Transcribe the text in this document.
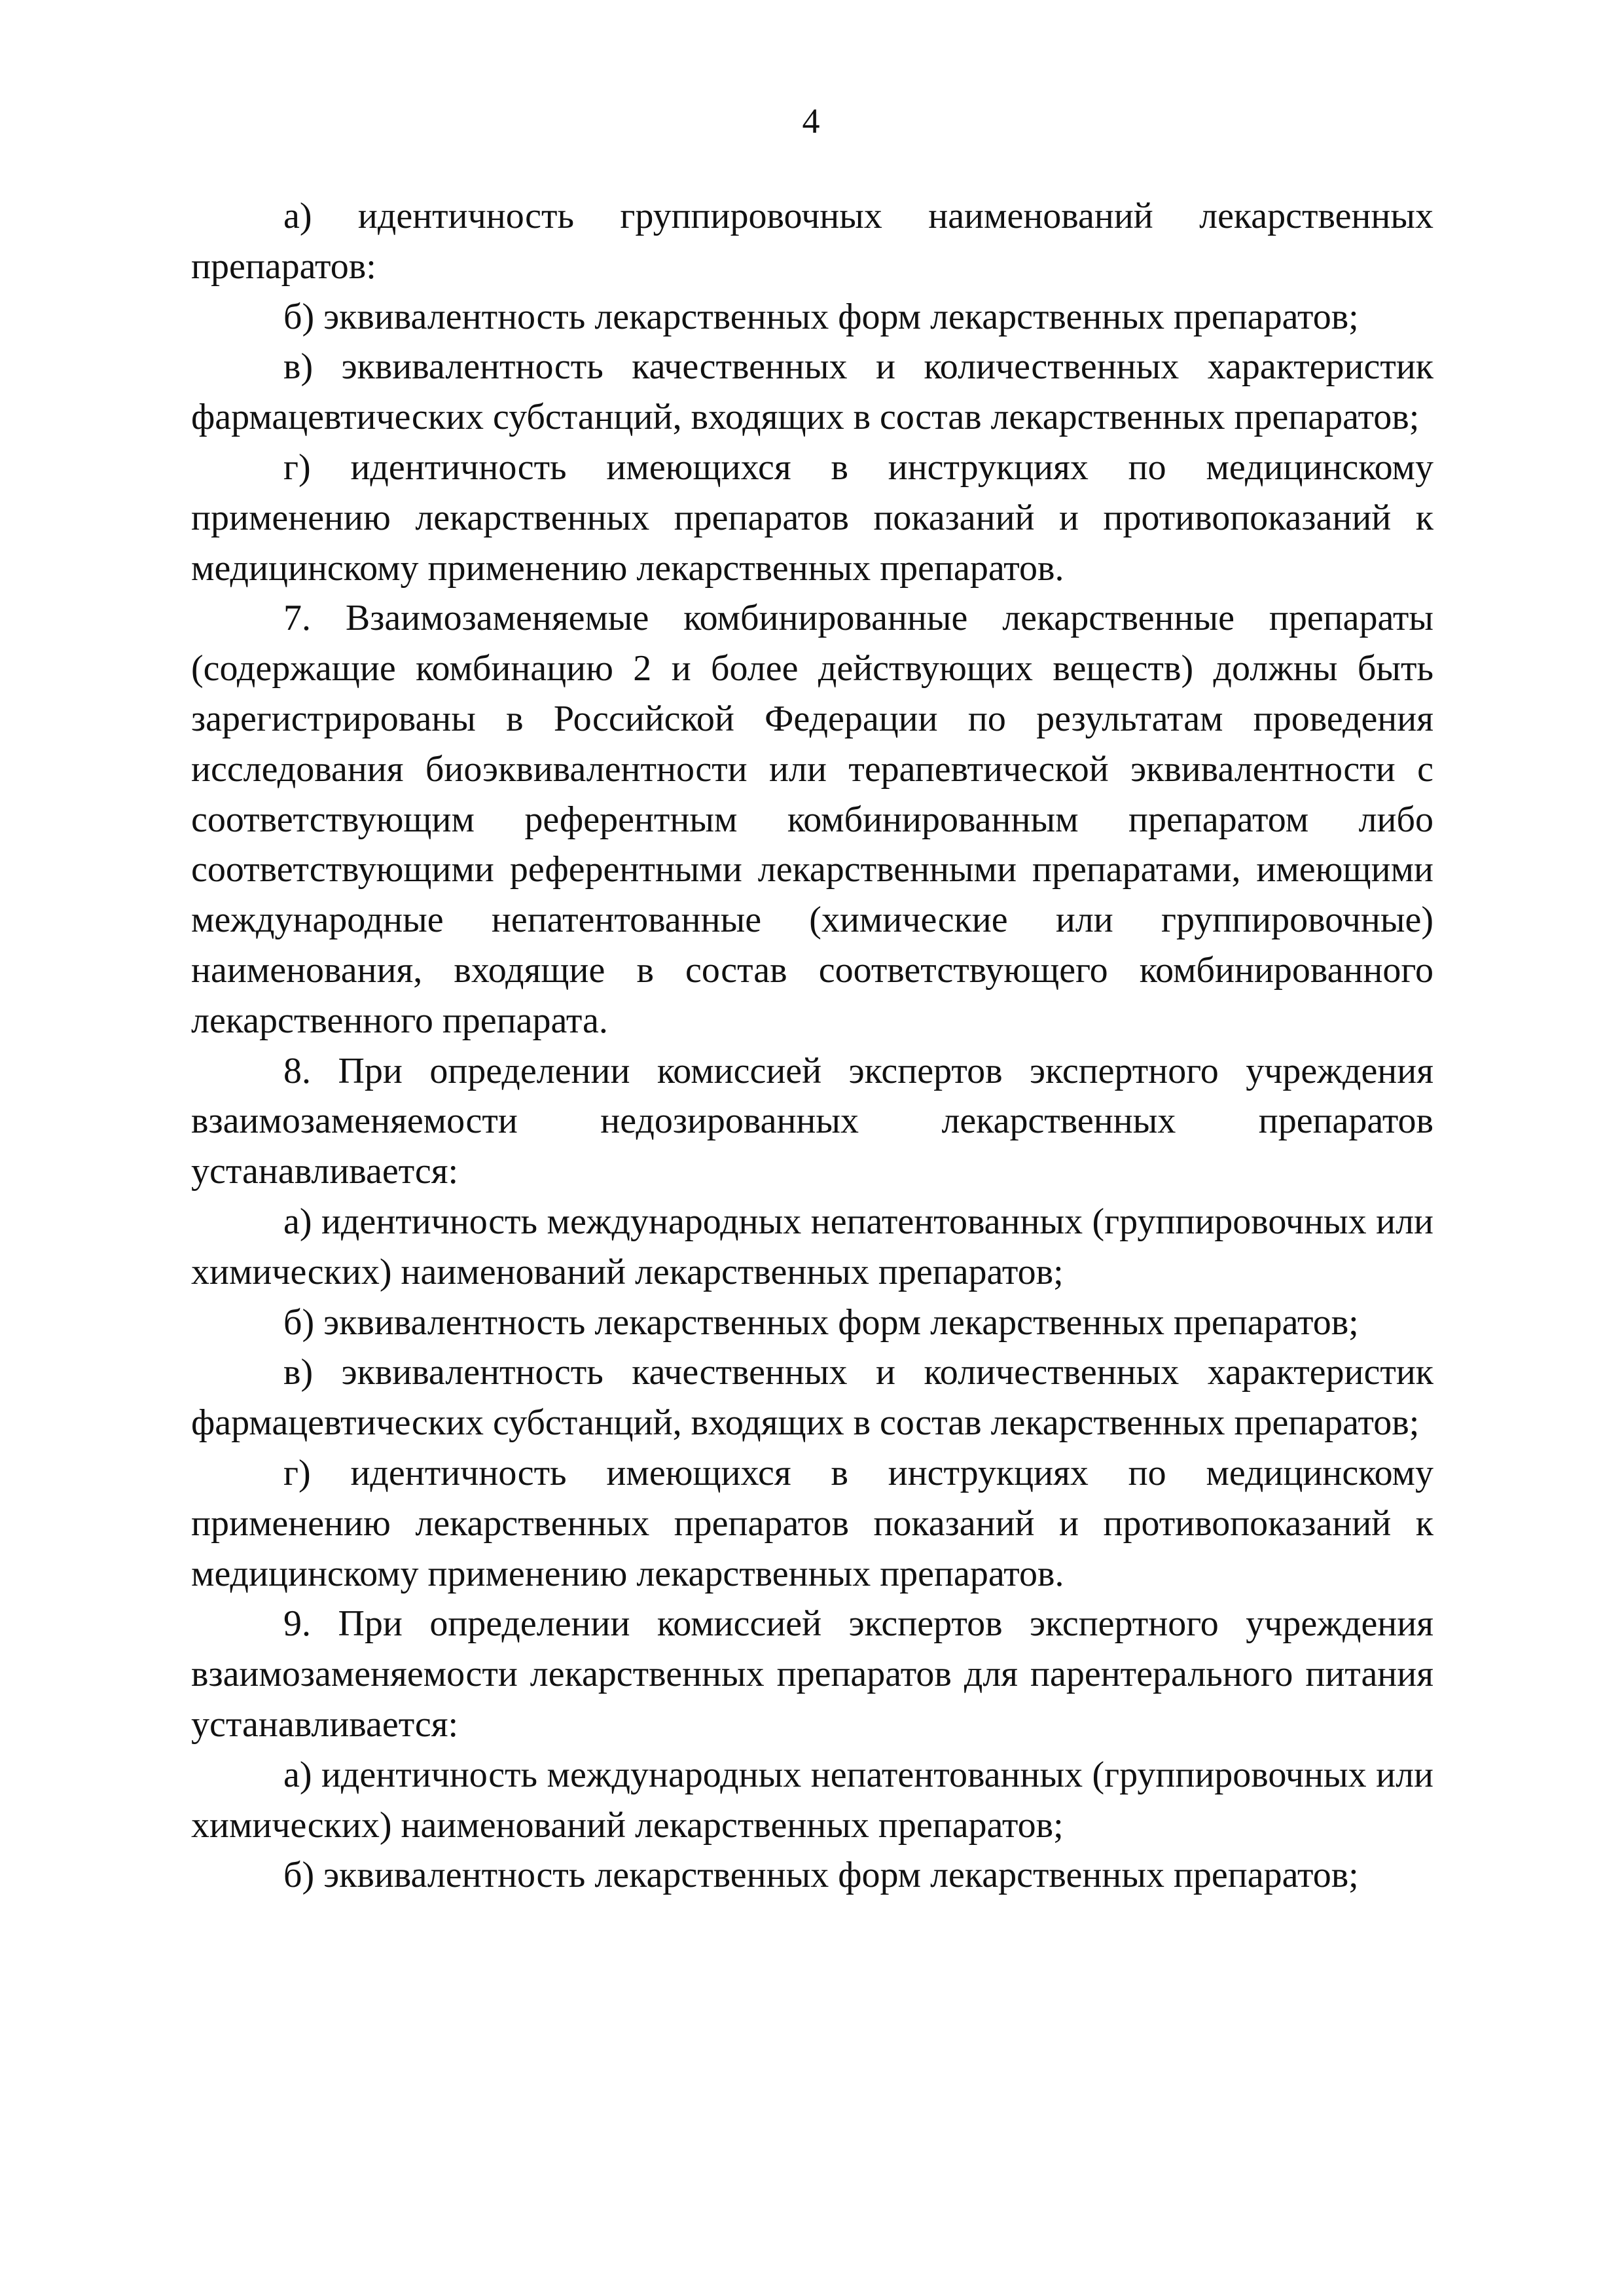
4

а) идентичность группировочных наименований лекарственных препаратов:

б) эквивалентность лекарственных форм лекарственных препаратов;

в) эквивалентность качественных и количественных характеристик фармацевтических субстанций, входящих в состав лекарственных препаратов;

г) идентичность имеющихся в инструкциях по медицинскому применению лекарственных препаратов показаний и противопоказаний к медицинскому применению лекарственных препаратов.

7. Взаимозаменяемые комбинированные лекарственные препараты (содержащие комбинацию 2 и более действующих веществ) должны быть зарегистрированы в Российской Федерации по результатам проведения исследования биоэквивалентности или терапевтической эквивалентности с соответствующим референтным комбинированным препаратом либо соответствующими референтными лекарственными препаратами, имеющими международные непатентованные (химические или группировочные) наименования, входящие в состав соответствующего комбинированного лекарственного препарата.

8. При определении комиссией экспертов экспертного учреждения взаимозаменяемости недозированных лекарственных препаратов устанавливается:

а) идентичность международных непатентованных (группировочных или химических) наименований лекарственных препаратов;

б) эквивалентность лекарственных форм лекарственных препаратов;

в) эквивалентность качественных и количественных характеристик фармацевтических субстанций, входящих в состав лекарственных препаратов;

г) идентичность имеющихся в инструкциях по медицинскому применению лекарственных препаратов показаний и противопоказаний к медицинскому применению лекарственных препаратов.

9. При определении комиссией экспертов экспертного учреждения взаимозаменяемости лекарственных препаратов для парентерального питания устанавливается:

а) идентичность международных непатентованных (группировочных или химических) наименований лекарственных препаратов;

б) эквивалентность лекарственных форм лекарственных препаратов;
